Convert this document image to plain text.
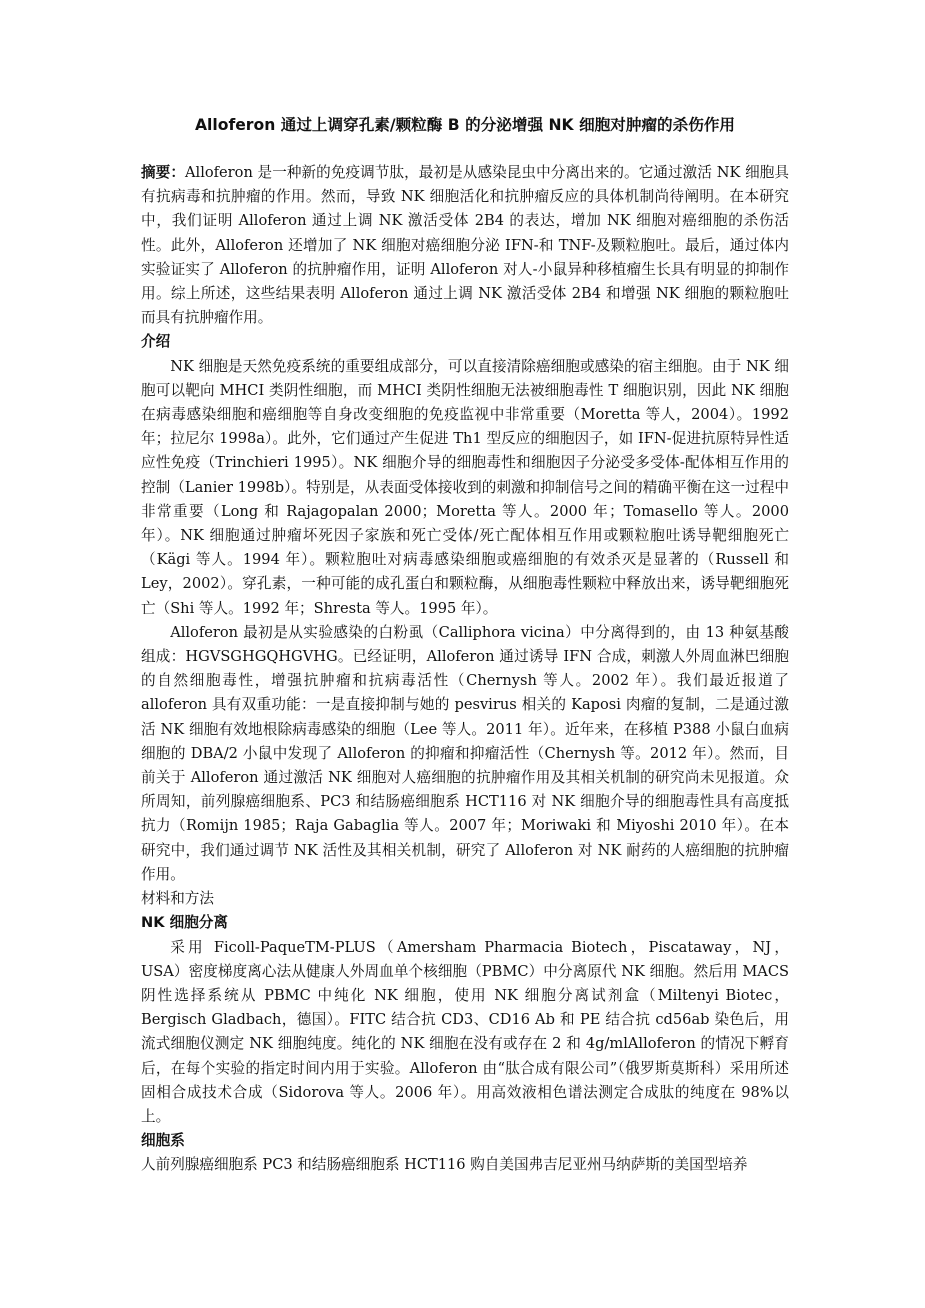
Alloferon 通过上调穿孔素/颗粒酶 B 的分泌增强 NK 细胞对肿瘤的杀伤作用

摘要：Alloferon 是一种新的免疫调节肽，最初是从感染昆虫中分离出来的。它通过激活 NK 细胞具有抗病毒和抗肿瘤的作用。然而，导致 NK 细胞活化和抗肿瘤反应的具体机制尚待阐明。在本研究中，我们证明 Alloferon 通过上调 NK 激活受体 2B4 的表达，增加 NK 细胞对癌细胞的杀伤活性。此外，Alloferon 还增加了 NK 细胞对癌细胞分泌 IFN-和 TNF-及颗粒胞吐。最后，通过体内实验证实了 Alloferon 的抗肿瘤作用，证明 Alloferon 对人-小鼠异种移植瘤生长具有明显的抑制作用。综上所述，这些结果表明 Alloferon 通过上调 NK 激活受体 2B4 和增强 NK 细胞的颗粒胞吐而具有抗肿瘤作用。

介绍

NK 细胞是天然免疫系统的重要组成部分，可以直接清除癌细胞或感染的宿主细胞。由于 NK 细胞可以靶向 MHCI 类阴性细胞，而 MHCI 类阴性细胞无法被细胞毒性 T 细胞识别，因此 NK 细胞在病毒感染细胞和癌细胞等自身改变细胞的免疫监视中非常重要（Moretta 等人，2004）。1992 年；拉尼尔 1998a）。此外，它们通过产生促进 Th1 型反应的细胞因子，如 IFN-促进抗原特异性适应性免疫（Trinchieri 1995）。NK 细胞介导的细胞毒性和细胞因子分泌受多受体-配体相互作用的控制（Lanier 1998b）。特别是，从表面受体接收到的刺激和抑制信号之间的精确平衡在这一过程中非常重要（Long 和 Rajagopalan 2000；Moretta 等人。2000 年；Tomasello 等人。2000 年）。NK 细胞通过肿瘤坏死因子家族和死亡受体/死亡配体相互作用或颗粒胞吐诱导靶细胞死亡（Kägi 等人。1994 年）。颗粒胞吐对病毒感染细胞或癌细胞的有效杀灭是显著的（Russell 和 Ley，2002）。穿孔素，一种可能的成孔蛋白和颗粒酶，从细胞毒性颗粒中释放出来，诱导靶细胞死亡（Shi 等人。1992 年；Shresta 等人。1995 年）。

Alloferon 最初是从实验感染的白粉虱（Calliphora vicina）中分离得到的，由 13 种氨基酸组成：HGVSGHGQHGVHG。已经证明，Alloferon 通过诱导 IFN 合成，刺激人外周血淋巴细胞的自然细胞毒性，增强抗肿瘤和抗病毒活性（Chernysh 等人。2002 年）。我们最近报道了 alloferon 具有双重功能：一是直接抑制与她的 pesvirus 相关的 Kaposi 肉瘤的复制，二是通过激活 NK 细胞有效地根除病毒感染的细胞（Lee 等人。2011 年）。近年来，在移植 P388 小鼠白血病细胞的 DBA/2 小鼠中发现了 Alloferon 的抑瘤和抑瘤活性（Chernysh 等。2012 年）。然而，目前关于 Alloferon 通过激活 NK 细胞对人癌细胞的抗肿瘤作用及其相关机制的研究尚未见报道。众所周知，前列腺癌细胞系、PC3 和结肠癌细胞系 HCT116 对 NK 细胞介导的细胞毒性具有高度抵抗力（Romijn 1985；Raja Gabaglia 等人。2007 年；Moriwaki 和 Miyoshi 2010 年）。在本研究中，我们通过调节 NK 活性及其相关机制，研究了 Alloferon 对 NK 耐药的人癌细胞的抗肿瘤作用。

材料和方法
NK 细胞分离

采用 Ficoll-PaqueTM-PLUS（Amersham Pharmacia Biotech，Piscataway，NJ，USA）密度梯度离心法从健康人外周血单个核细胞（PBMC）中分离原代 NK 细胞。然后用 MACS 阴性选择系统从 PBMC 中纯化 NK 细胞，使用 NK 细胞分离试剂盒（Miltenyi Biotec，Bergisch Gladbach，德国）。FITC 结合抗 CD3、CD16 Ab 和 PE 结合抗 cd56ab 染色后，用流式细胞仪测定 NK 细胞纯度。纯化的 NK 细胞在没有或存在 2 和 4g/mlAlloferon 的情况下孵育后，在每个实验的指定时间内用于实验。Alloferon 由“肽合成有限公司”（俄罗斯莫斯科）采用所述固相合成技术合成（Sidorova 等人。2006 年）。用高效液相色谱法测定合成肽的纯度在 98%以上。

细胞系

人前列腺癌细胞系 PC3 和结肠癌细胞系 HCT116 购自美国弗吉尼亚州马纳萨斯的美国型培养
